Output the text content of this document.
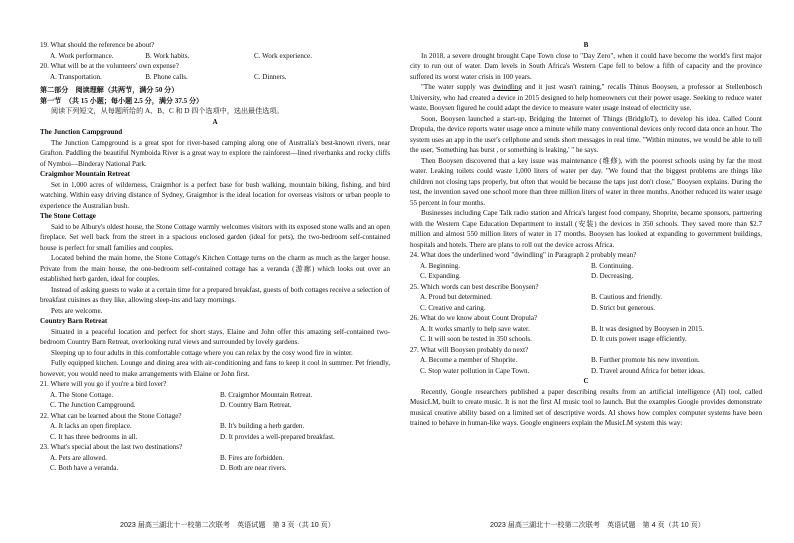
19. What should the reference be about?

A. Work performance.	B. Work habits.	C. Work experience.

20. What will be at the volunteers' own expense?

A. Transportation.	B. Phone calls.	C. Dinners.

第二部分　阅读理解（共两节，满分 50 分）

第一节　（共 15 小题；每小题 2.5 分，满分 37.5 分）

阅读下列短文，从每题所给的 A、B、C 和 D 四个选项中，选出最佳选项。

A

The Junction Campground

The Junction Campground is a great spot for river-based camping along one of Australia's best-known rivers, near Grafton. Paddling the beautiful Nymboida River is a great way to explore the rainforest—lined riverbanks and rocky cliffs of Nymboi—Binderay National Park.

Craigmhor Mountain Retreat

Set in 1,000 acres of wilderness, Craigmhor is a perfect base for bush walking, mountain biking, fishing, and bird watching. Within easy driving distance of Sydney, Graigmhor is the ideal location for overseas visitors or urban people to experience the Australian bush.

The Stone Cottage

Said to be Albury's oldest house, the Stone Cottage warmly welcomes visitors with its exposed stone walls and an open fireplace. Set well back from the street in a spacious enclosed garden (ideal for pets), the two-bedroom self-contained house is perfect for small families and couples.

Located behind the main home, the Stone Cottage's Kitchen Cottage turns on the charm as much as the larger house. Private from the main house, the one-bedroom self-contained cottage has a veranda (游廊) which looks out over an established herb garden, ideal for couples.

Instead of asking guests to wake at a certain time for a prepared breakfast, guests of both cottages receive a selection of breakfast cuisines as they like, allowing sleep-ins and lazy mornings.

Pets are welcome.

Country Barn Retreat

Situated in a peaceful location and perfect for short stays, Elaine and John offer this amazing self-contained two-bedroom Country Barn Retreat, overlooking rural views and surrounded by lovely gardens.

Sleeping up to four adults in this comfortable cottage where you can relax by the cosy wood fire in winter.

Fully equipped kitchen. Lounge and dining area with air-conditioning and fans to keep it cool in summer. Pet friendly, however, you would need to make arrangements with Elaine or John first.

21. Where will you go if you're a bird lover?

A. The Stone Cottage.	B. Craigmhor Mountain Retreat.
C. The Junction Campground.	D. Country Barn Retreat.

22. What can be learned about the Stone Cottage?

A. It lacks an open fireplace.	B. It's building a herb garden.
C. It has three bedrooms in all.	D. It provides a well-prepared breakfast.

23. What's special about the last two destinations?

A. Pets are allowed.	B. Fires are forbidden.
C. Both have a veranda.	D. Both are near rivers.

B

In 2018, a severe drought brought Cape Town close to "Day Zero", when it could have become the world's first major city to run out of water. Dam levels in South Africa's Western Cape fell to below a fifth of capacity and the province suffered its worst water crisis in 100 years.

"The water supply was dwindling and it just wasn't raining," recalls Thinus Booysen, a professor at Stellenbosch University, who had created a device in 2015 designed to help homeowners cut their power usage. Seeking to reduce water waste, Booysen figured he could adapt the device to measure water usage instead of electricity use.

Soon, Booysen launched a start-up, Bridging the Internet of Things (BridgIoT), to develop his idea. Called Count Dropula, the device reports water usage once a minute while many conventional devices only record data once an hour. The system uses an app in the user's cellphone and sends short messages in real time. "Within minutes, we would be able to tell the user, 'Something has burst , or something is leaking,' " he says.

Then Booysen discovered that a key issue was maintenance (维修), with the poorest schools using by far the most water. Leaking toilets could waste 1,000 liters of water per day. "We found that the biggest problems are things like children not closing taps properly, but often that would be because the taps just don't close," Booysen explains. During the test, the invention saved one school more than three million liters of water in three months. Another reduced its water usage 55 percent in four months.

Businesses including Cape Talk radio station and Africa's largest food company, Shoprite, became sponsors, partnering with the Western Cape Education Department to install (安装) the devices in 350 schools. They saved more than $2.7 million and almost 550 million liters of water in 17 months. Booysen has looked at expanding to government buildings, hospitals and hotels. There are plans to roll out the device across Africa.

24. What does the underlined word "dwindling" in Paragraph 2 probably mean?

A. Beginning.	B. Continuing.
C. Expanding.	D. Decreasing.

25. Which words can best describe Booysen?

A. Proud but determined.	B. Cautious and friendly.
C. Creative and caring.	D. Strict but generous.

26. What do we know about Count Dropula?

A. It works smartly to help save water.	B. It was designed by Booysen in 2015.
C. It will soon be tested in 350 schools.	D. It cuts power usage efficiently.

27. What will Booysen probably do next?

A. Become a member of Shoprite.	B. Further promote his new invention.
C. Stop water pollution in Cape Town.	D. Travel around Africa for better ideas.

C

Recently, Google researchers published a paper describing results from an artificial intelligence (AI) tool, called MusicLM, built to create music. It is not the first AI music tool to launch. But the examples Google provides demonstrate musical creative ability based on a limited set of descriptive words. AI shows how complex computer systems have been trained to behave in human-like ways. Google engineers explain the MusicLM system this way:

2023 届高三湖北十一校第二次联考　英语试题　第 3 页（共 10 页）	2023 届高三湖北十一校第二次联考　英语试题　第 4 页（共 10 页）
